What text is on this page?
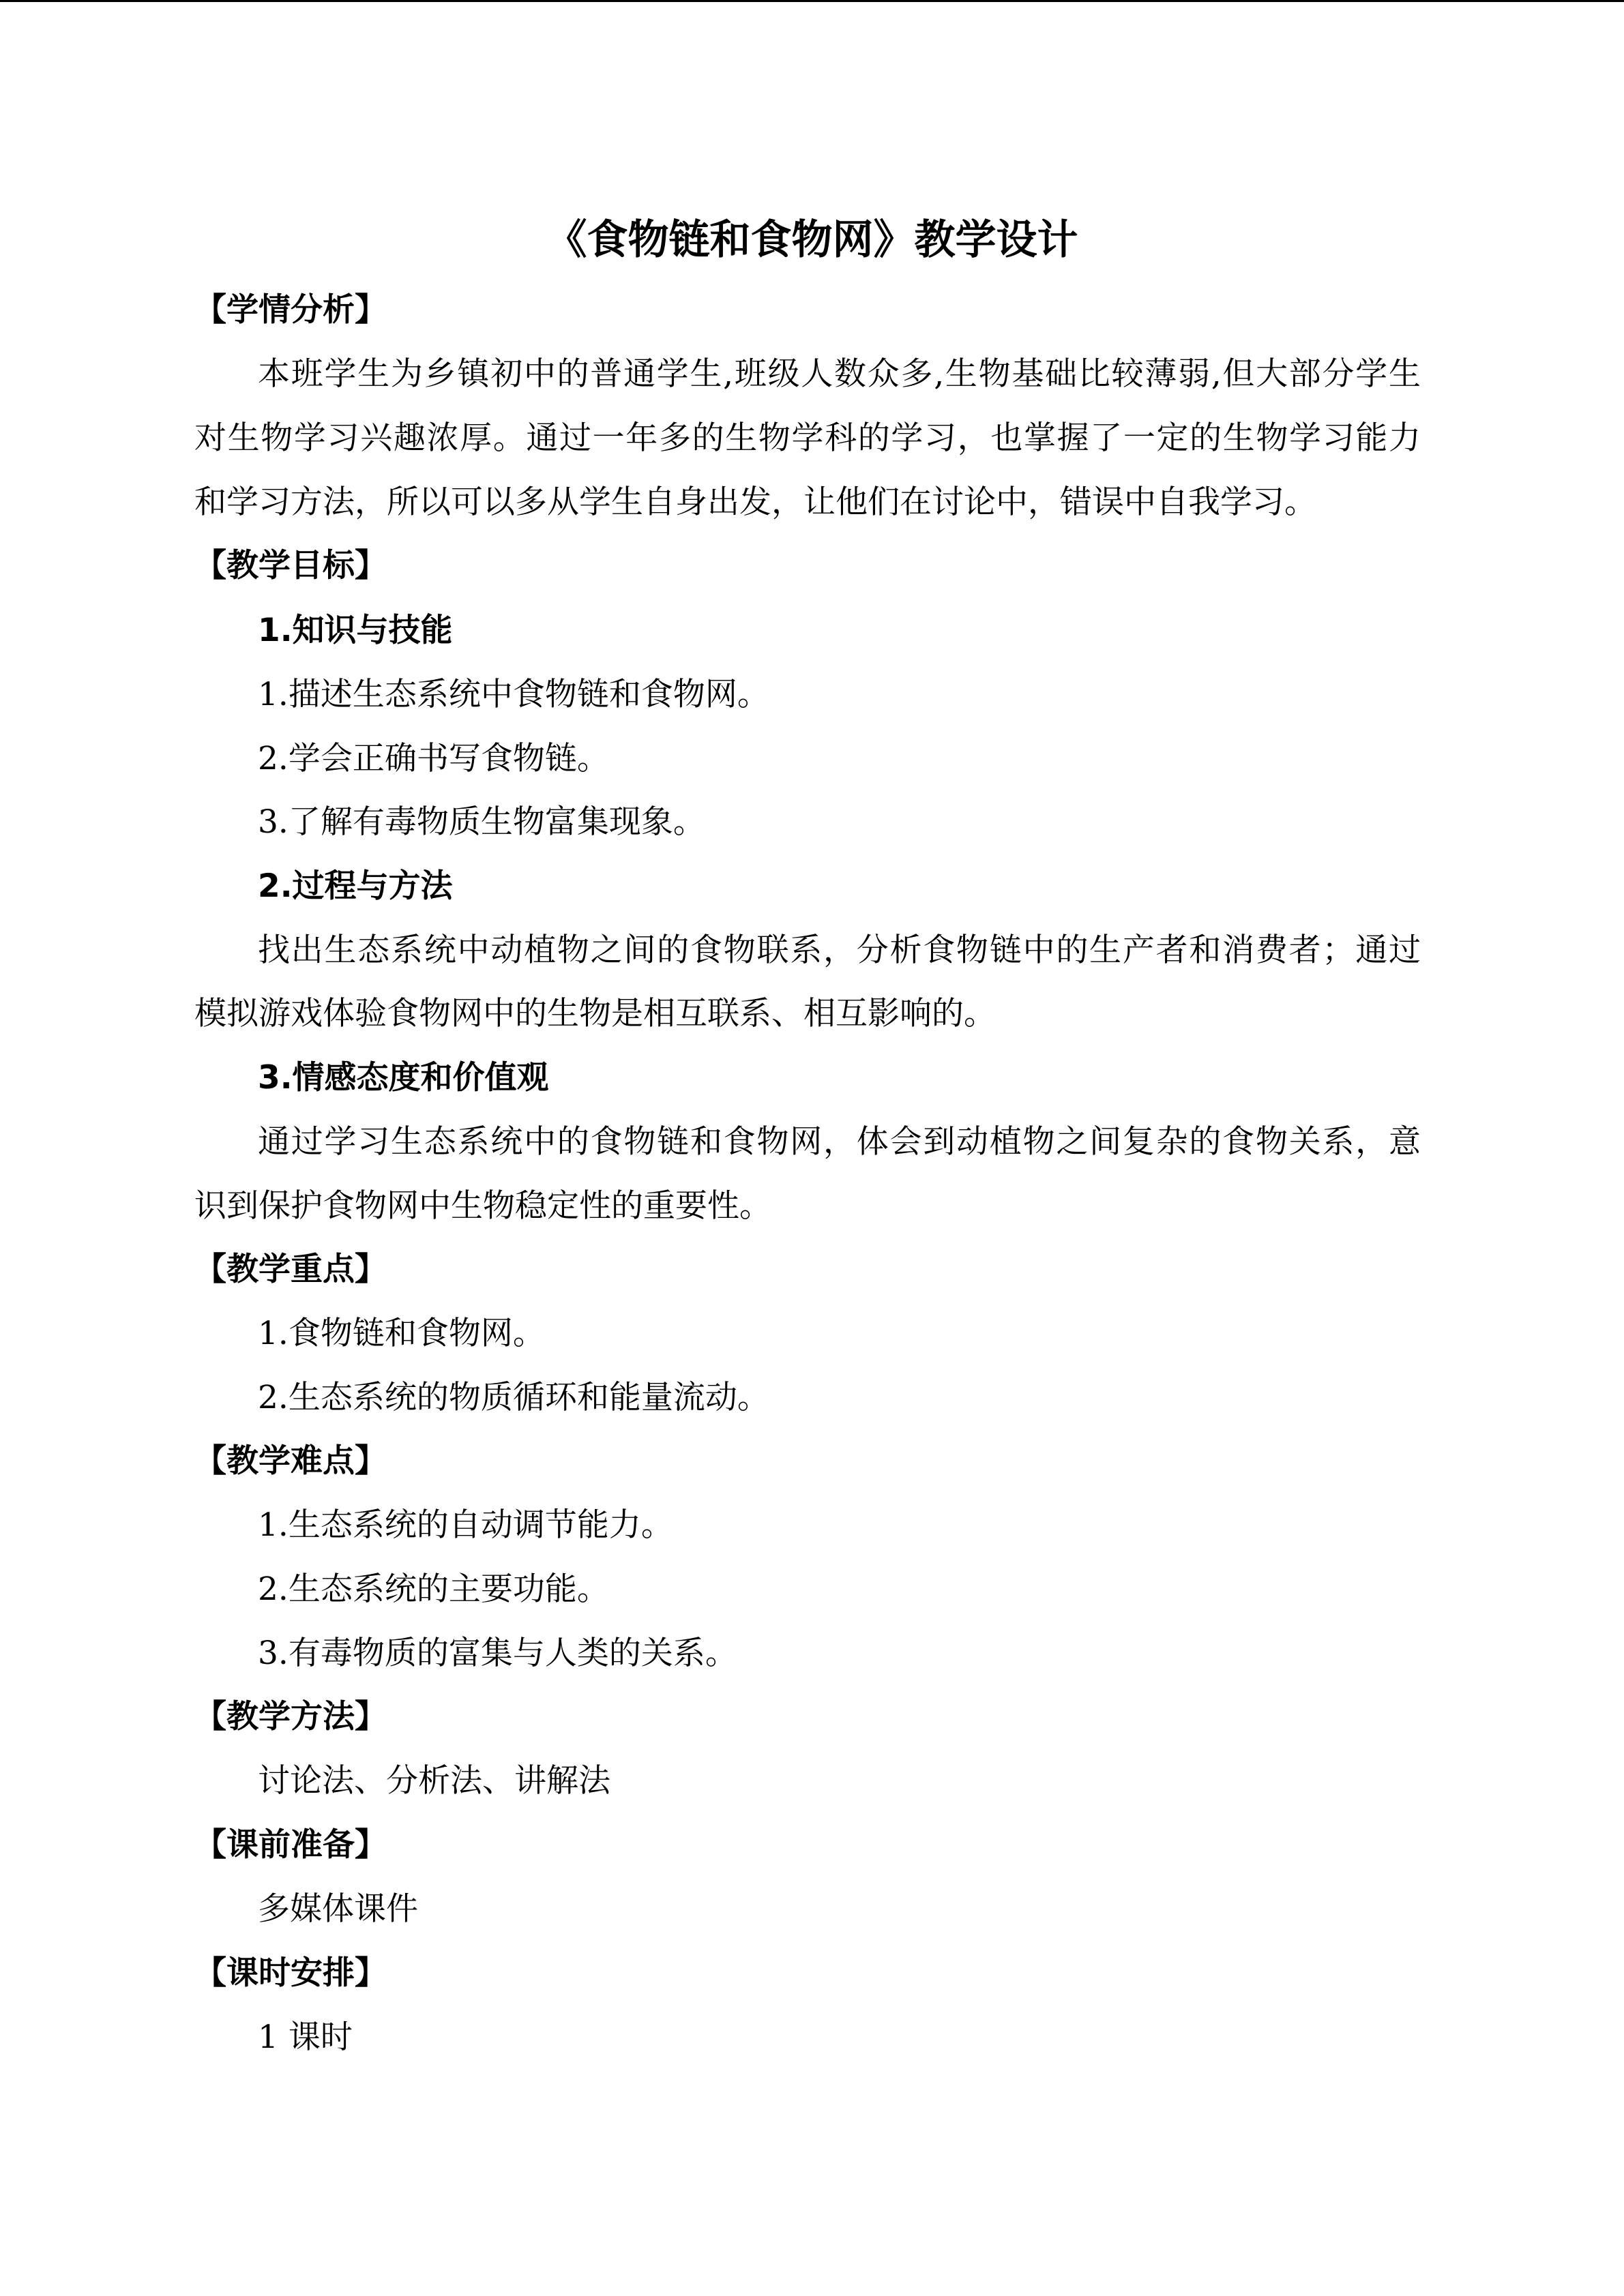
《食物链和食物网》教学设计
【学情分析】
本班学生为乡镇初中的普通学生,班级人数众多,生物基础比较薄弱,但大部分学生
对生物学习兴趣浓厚。通过一年多的生物学科的学习，也掌握了一定的生物学习能力
和学习方法，所以可以多从学生自身出发，让他们在讨论中，错误中自我学习。
【教学目标】
1.知识与技能
1.描述生态系统中食物链和食物网。
2.学会正确书写食物链。
3.了解有毒物质生物富集现象。
2.过程与方法
找出生态系统中动植物之间的食物联系，分析食物链中的生产者和消费者；通过
模拟游戏体验食物网中的生物是相互联系、相互影响的。
3.情感态度和价值观
通过学习生态系统中的食物链和食物网，体会到动植物之间复杂的食物关系，意
识到保护食物网中生物稳定性的重要性。
【教学重点】
1.食物链和食物网。
2.生态系统的物质循环和能量流动。
【教学难点】
1.生态系统的自动调节能力。
2.生态系统的主要功能。
3.有毒物质的富集与人类的关系。
【教学方法】
讨论法、分析法、讲解法
【课前准备】
多媒体课件
【课时安排】
1 课时
